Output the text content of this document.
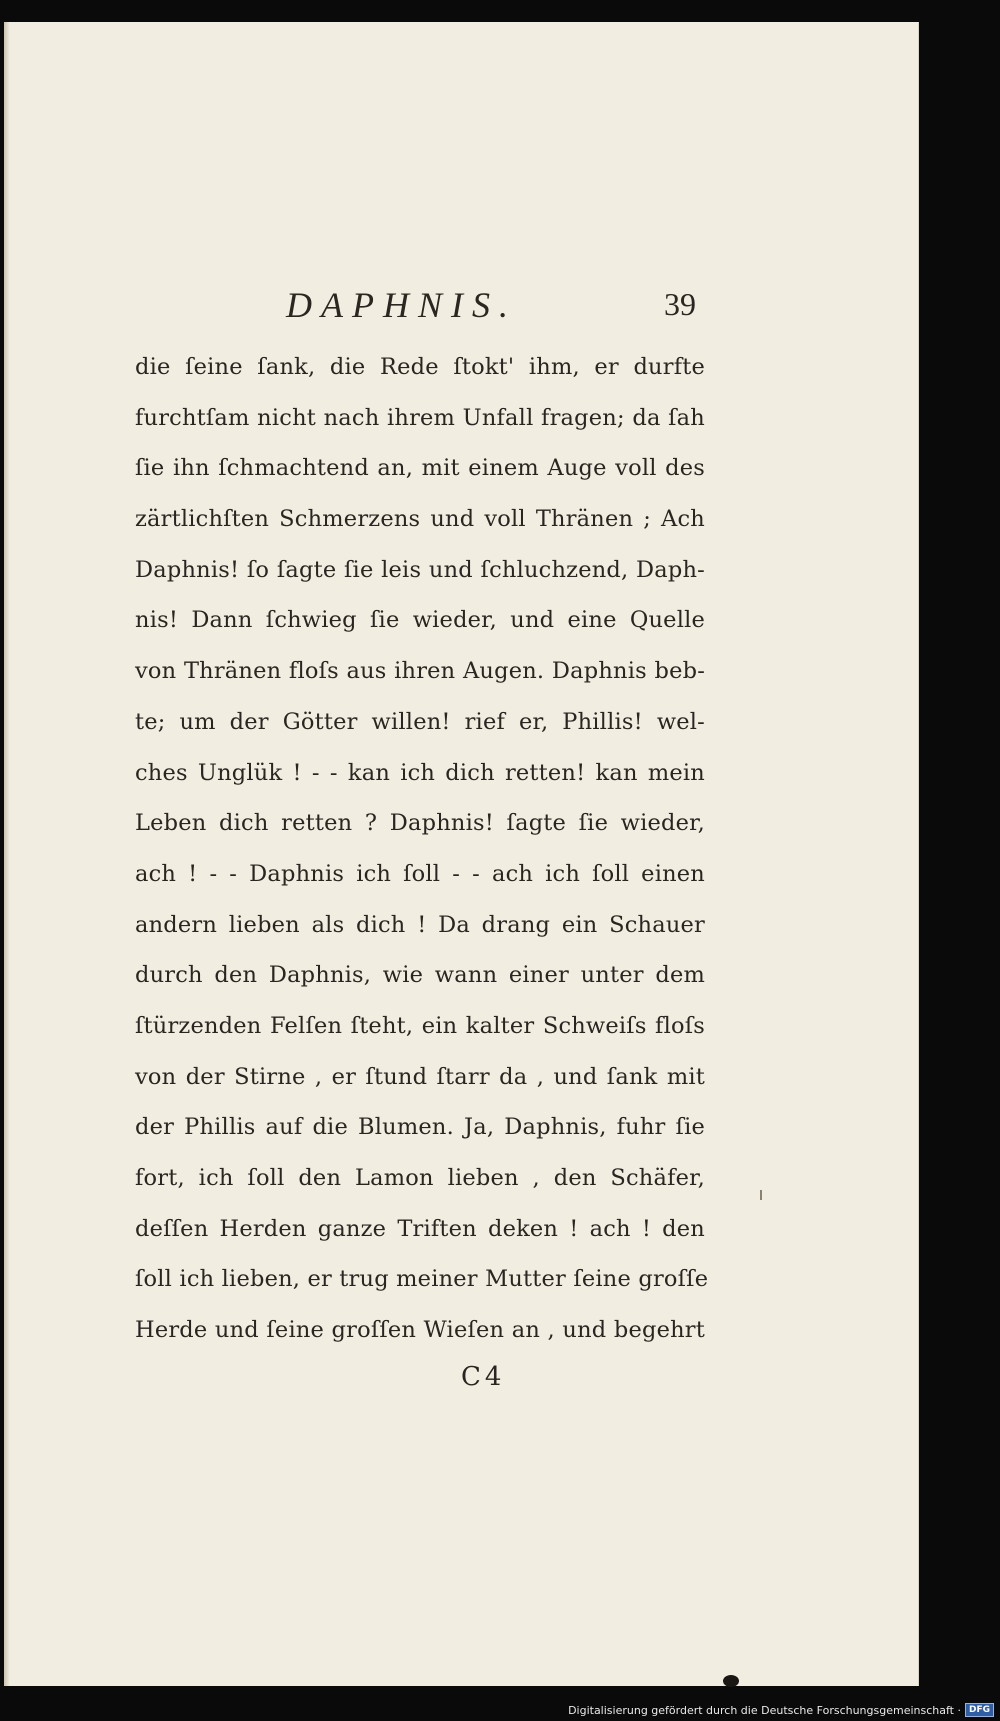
DAPHNIS.	39
die ſeine ſank, die Rede ſtokt' ihm, er durfte
furchtſam nicht nach ihrem Unfall fragen; da ſah
ſie ihn ſchmachtend an, mit einem Auge voll des
zärtlichſten Schmerzens und voll Thränen ; Ach
Daphnis! ſo ſagte ſie leis und ſchluchzend, Daph-
nis! Dann ſchwieg ſie wieder, und eine Quelle
von Thränen floſs aus ihren Augen. Daphnis beb-
te; um der Götter willen! rief er, Phillis! wel-
ches Unglük ! - - kan ich dich retten! kan mein
Leben dich retten ? Daphnis! ſagte ſie wieder,
ach ! - - Daphnis ich ſoll - - ach ich ſoll einen
andern lieben als dich ! Da drang ein Schauer
durch den Daphnis, wie wann einer unter dem
ſtürzenden Felſen ſteht, ein kalter Schweiſs floſs
von der Stirne , er ſtund ſtarr da , und ſank mit
der Phillis auf die Blumen. Ja, Daphnis, fuhr ſie
fort, ich ſoll den Lamon lieben , den Schäfer,
deſſen Herden ganze Triften deken ! ach ! den
ſoll ich lieben, er trug meiner Mutter ſeine groſſe
Herde und ſeine groſſen Wieſen an , und begehrt
C4
Digitalisierung gefördert durch die Deutsche Forschungsgemeinschaft · DFG
